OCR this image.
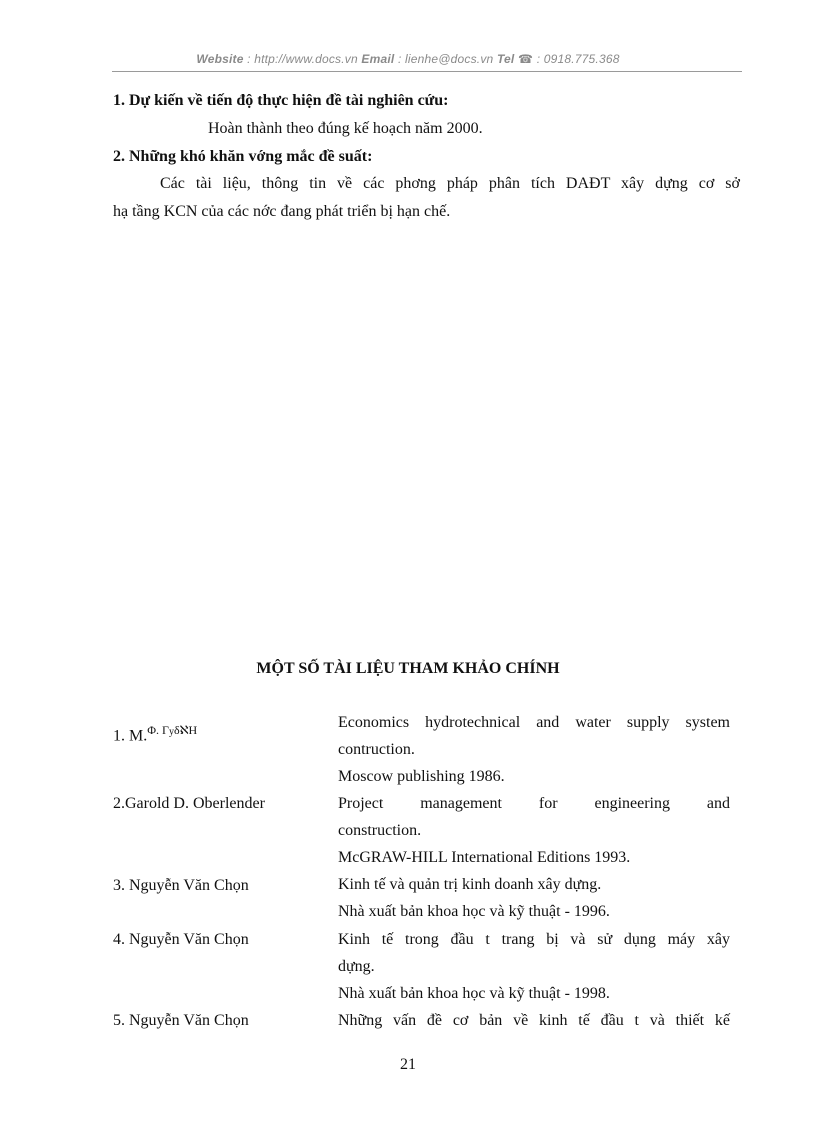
Website : http://www.docs.vn Email : lienhe@docs.vn Tel ☎ : 0918.775.368
1. Dự kiến về tiến độ thực hiện đề tài nghiên cứu:
Hoàn thành theo đúng kế hoạch năm 2000.
2. Những khó khăn vớng mắc đề suất:
Các tài liệu, thông tin về các phơng pháp phân tích DAĐT xây dựng cơ sở
hạ tầng KCN của các nớc đang phát triển bị hạn chế.
MỘT SỐ TÀI LIỆU THAM KHẢO CHÍNH
1. M.$^{\Phi. \Gamma y\delta ℵH}$	Economics hydrotechnical and water supply system
contruction.
Moscow publishing 1986.
2.Garold D. Oberlender	Project management for engineering and
construction.
McGRAW-HILL International Editions 1993.
3. Nguyễn Văn Chọn	Kinh tế và quản trị kinh doanh xây dựng.
Nhà xuất bản khoa học và kỹ thuật - 1996.
4. Nguyễn Văn Chọn	Kinh tế trong đầu t trang bị và sử dụng máy xây
dựng.
Nhà xuất bản khoa học và kỹ thuật - 1998.
5. Nguyễn Văn Chọn	Những vấn đề cơ bản về kinh tế đầu t và thiết kế
21
